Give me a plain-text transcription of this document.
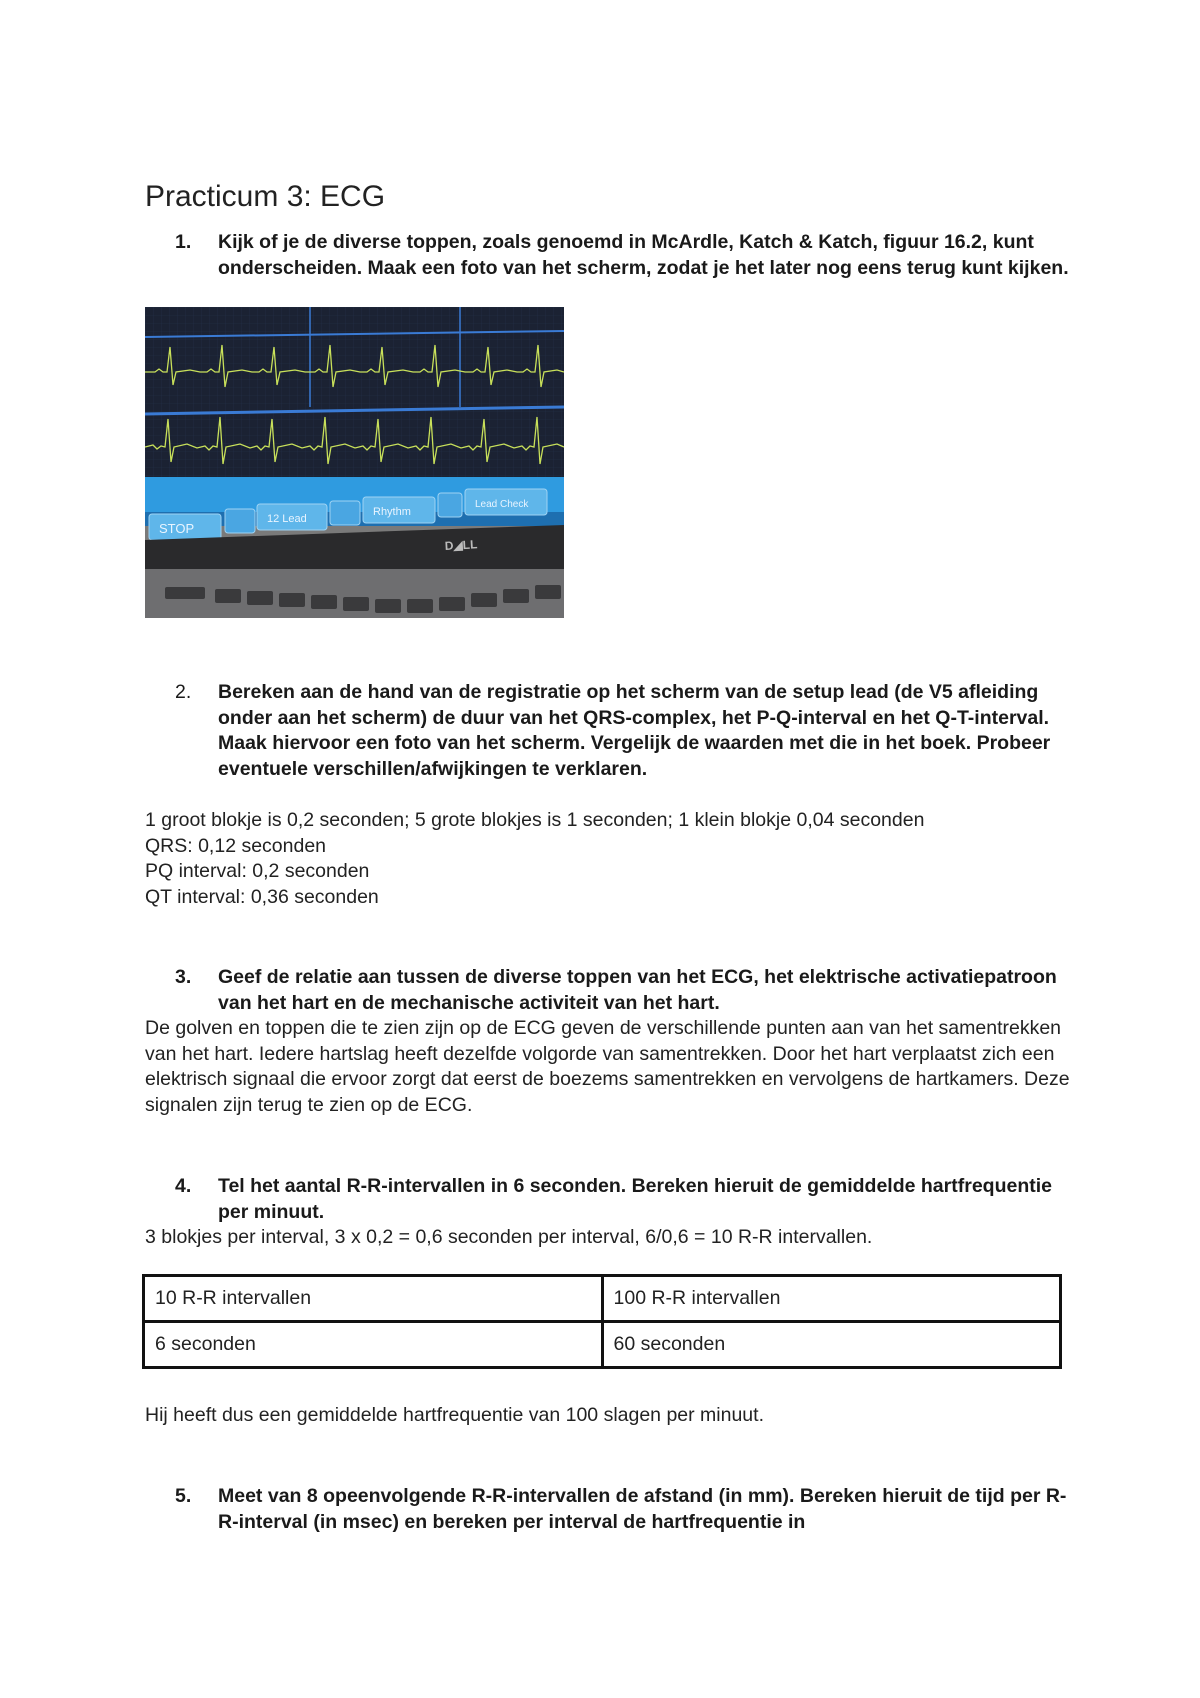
Practicum 3: ECG
1.	Kijk of je de diverse toppen, zoals genoemd in McArdle, Katch & Katch, figuur 16.2, kunt onderscheiden. Maak een foto van het scherm, zodat je het later nog eens terug kunt kijken.
STOP
12 Lead
Rhythm
Lead Check
D◢LL
2.	Bereken aan de hand van de registratie op het scherm van de setup lead (de V5 afleiding onder aan het scherm) de duur van het QRS-complex, het P-Q-interval en het Q-T-interval. Maak hiervoor een foto van het scherm. Vergelijk de waarden met die in het boek. Probeer eventuele verschillen/afwijkingen te verklaren.
1 groot blokje is 0,2 seconden; 5 grote blokjes is 1 seconden; 1 klein blokje 0,04 seconden
QRS: 0,12 seconden
PQ interval: 0,2 seconden
QT interval: 0,36 seconden
3.	Geef de relatie aan tussen de diverse toppen van het ECG, het elektrische activatiepatroon van het hart en de mechanische activiteit van het hart.

De golven en toppen die te zien zijn op de ECG geven de verschillende punten aan van het samentrekken van het hart. Iedere hartslag heeft dezelfde volgorde van samentrekken. Door het hart verplaatst zich een elektrisch signaal die ervoor zorgt dat eerst de boezems samentrekken en vervolgens de hartkamers. Deze signalen zijn terug te zien op de ECG.

4.	Tel het aantal R-R-intervallen in 6 seconden. Bereken hieruit de gemiddelde hartfrequentie per minuut.
3 blokjes per interval, 3 x 0,2 = 0,6 seconden per interval, 6/0,6 = 10 R-R intervallen.
10 R-R intervallen	100 R-R intervallen
6 seconden	60 seconden
Hij heeft dus een gemiddelde hartfrequentie van 100 slagen per minuut.
5.	Meet van 8 opeenvolgende R-R-intervallen de afstand (in mm). Bereken hieruit de tijd per R-R-interval (in msec) en bereken per interval de hartfrequentie in
